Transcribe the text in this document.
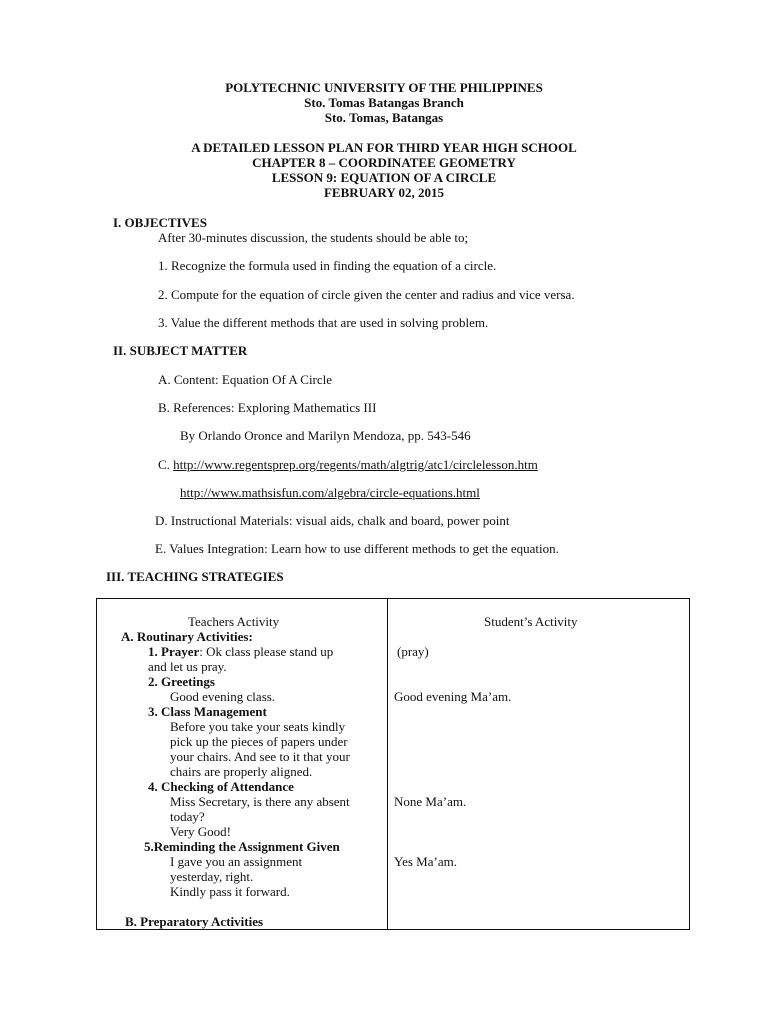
POLYTECHNIC UNIVERSITY OF THE PHILIPPINES
Sto. Tomas Batangas Branch
Sto. Tomas, Batangas
A DETAILED LESSON PLAN FOR THIRD YEAR HIGH SCHOOL
CHAPTER 8 – COORDINATEE GEOMETRY
LESSON 9: EQUATION OF A CIRCLE
FEBRUARY 02, 2015
I. OBJECTIVES
After 30-minutes discussion, the students should be able to;
1. Recognize the formula used in finding the equation of a circle.
2. Compute for the equation of circle given the center and radius and vice versa.
3. Value the different methods that are used in solving problem.
II. SUBJECT MATTER
A. Content: Equation Of A Circle
B. References: Exploring Mathematics III
By Orlando Oronce and Marilyn Mendoza, pp. 543-546
C. http://www.regentsprep.org/regents/math/algtrig/atc1/circlelesson.htm
http://www.mathsisfun.com/algebra/circle-equations.html
D. Instructional Materials: visual aids, chalk and board, power point
E. Values Integration: Learn how to use different methods to get the equation.
III. TEACHING STRATEGIES
Teachers Activity	Student’s Activity
A. Routinary Activities:
1. Prayer: Ok class please stand up
and let us pray.
(pray)
2. Greetings
Good evening class.	Good evening Ma’am.
3. Class Management
Before you take your seats kindly
pick up the pieces of papers under
your chairs. And see to it that your
chairs are properly aligned.
4. Checking of Attendance
Miss Secretary, is there any absent
today?
Very Good!
None Ma’am.
5.Reminding the Assignment Given
I gave you an assignment
yesterday, right.
Kindly pass it forward.
Yes Ma’am.
B. Preparatory Activities
